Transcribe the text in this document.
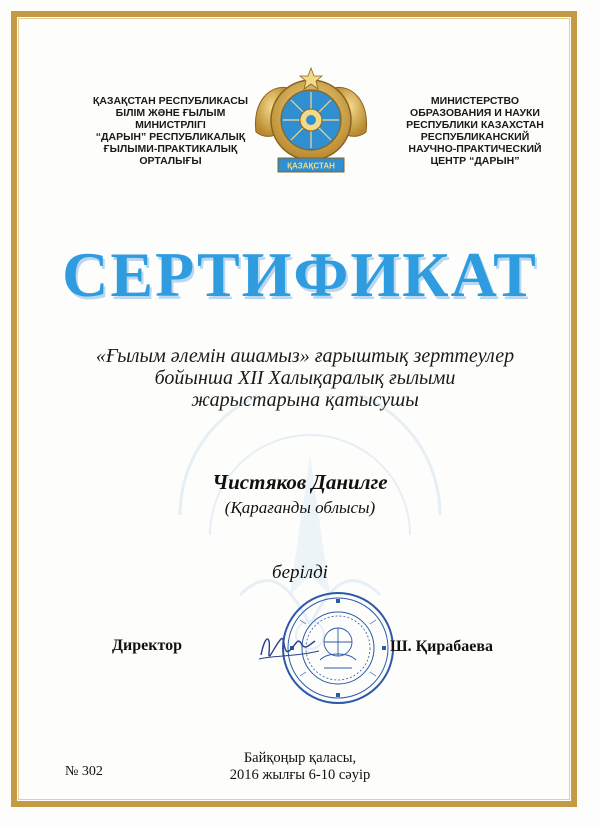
ҚАЗАҚСТАН РЕСПУБЛИКАСЫ
БІЛІМ ЖӘНЕ ҒЫЛЫМ
МИНИСТРЛІГІ
“ДАРЫН” РЕСПУБЛИКАЛЫҚ
ҒЫЛЫМИ-ПРАКТИКАЛЫҚ
ОРТАЛЫҒЫ	ҚАЗАҚСТАН
МИНИСТЕРСТВО
ОБРАЗОВАНИЯ И НАУКИ
РЕСПУБЛИКИ КАЗАХСТАН
РЕСПУБЛИКАНСКИЙ
НАУЧНО-ПРАКТИЧЕСКИЙ
ЦЕНТР “ДАРЫН”
СЕРТИФИКАТ
«Ғылым әлемін ашамыз» ғарыштық зерттеулер
бойынша XII Халықаралық ғылыми
жарыстарына қатысушы
Чистяков Данилге
(Қарағанды облысы)
берілді
Директор	Ш. Қирабаева
№ 302
Байқоңыр қаласы,
2016 жылғы 6-10 сәуір
